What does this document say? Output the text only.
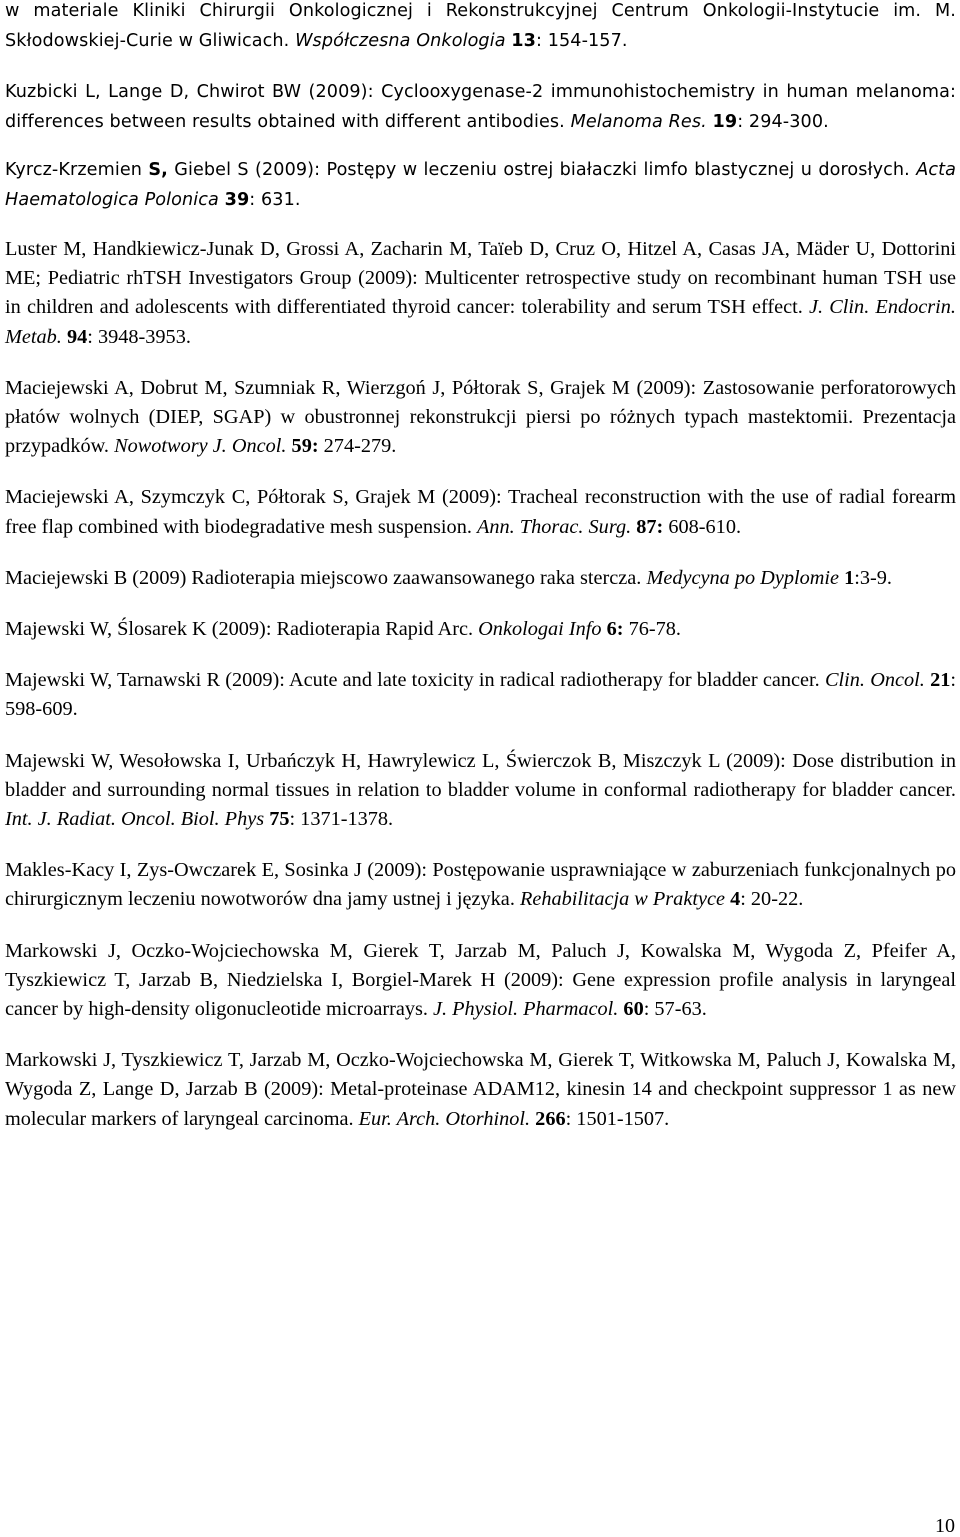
w materiale Kliniki Chirurgii Onkologicznej i Rekonstrukcyjnej Centrum Onkologii-Instytucie im. M. Skłodowskiej-Curie w Gliwicach. Współczesna Onkologia 13: 154-157.

Kuzbicki L, Lange D, Chwirot BW (2009): Cyclooxygenase-2 immunohistochemistry in human melanoma: differences between results obtained with different antibodies. Melanoma Res. 19: 294-300.

Kyrcz-Krzemien S, Giebel S (2009): Postępy w leczeniu ostrej białaczki limfo blastycznej u dorosłych. Acta Haematologica Polonica 39: 631.

Luster M, Handkiewicz-Junak D, Grossi A, Zacharin M, Taïeb D, Cruz O, Hitzel A, Casas JA, Mäder U, Dottorini ME; Pediatric rhTSH Investigators Group (2009): Multicenter retrospective study on recombinant human TSH use in children and adolescents with differentiated thyroid cancer: tolerability and serum TSH effect. J. Clin. Endocrin. Metab. 94: 3948-3953.

Maciejewski A, Dobrut M, Szumniak R, Wierzgoń J, Półtorak S, Grajek M (2009): Zastosowanie perforatorowych płatów wolnych (DIEP, SGAP) w obustronnej rekonstrukcji piersi po różnych typach mastektomii. Prezentacja przypadków. Nowotwory J. Oncol. 59: 274-279.

Maciejewski A, Szymczyk C, Półtorak S, Grajek M (2009): Tracheal reconstruction with the use of radial forearm free flap combined with biodegradative mesh suspension. Ann. Thorac. Surg. 87: 608-610.

Maciejewski B (2009) Radioterapia miejscowo zaawansowanego raka stercza. Medycyna po Dyplomie 1:3-9.

Majewski W, Ślosarek K (2009): Radioterapia Rapid Arc. Onkologai Info 6: 76-78.

Majewski W, Tarnawski R (2009): Acute and late toxicity in radical radiotherapy for bladder cancer. Clin. Oncol. 21: 598-609.

Majewski W, Wesołowska I, Urbańczyk H, Hawrylewicz L, Świerczok B, Miszczyk L (2009): Dose distribution in bladder and surrounding normal tissues in relation to bladder volume in conformal radiotherapy for bladder cancer. Int. J. Radiat. Oncol. Biol. Phys 75: 1371-1378.

Makles-Kacy I, Zys-Owczarek E, Sosinka J (2009): Postępowanie usprawniające w zaburzeniach funkcjonalnych po chirurgicznym leczeniu nowotworów dna jamy ustnej i języka. Rehabilitacja w Praktyce 4: 20-22.

Markowski J, Oczko-Wojciechowska M, Gierek T, Jarzab M, Paluch J, Kowalska M, Wygoda Z, Pfeifer A, Tyszkiewicz T, Jarzab B, Niedzielska I, Borgiel-Marek H (2009): Gene expression profile analysis in laryngeal cancer by high-density oligonucleotide microarrays. J. Physiol. Pharmacol. 60: 57-63.

Markowski J, Tyszkiewicz T, Jarzab M, Oczko-Wojciechowska M, Gierek T, Witkowska M, Paluch J, Kowalska M, Wygoda Z, Lange D, Jarzab B (2009): Metal-proteinase ADAM12, kinesin 14 and checkpoint suppressor 1 as new molecular markers of laryngeal carcinoma. Eur. Arch. Otorhinol. 266: 1501-1507.

10
